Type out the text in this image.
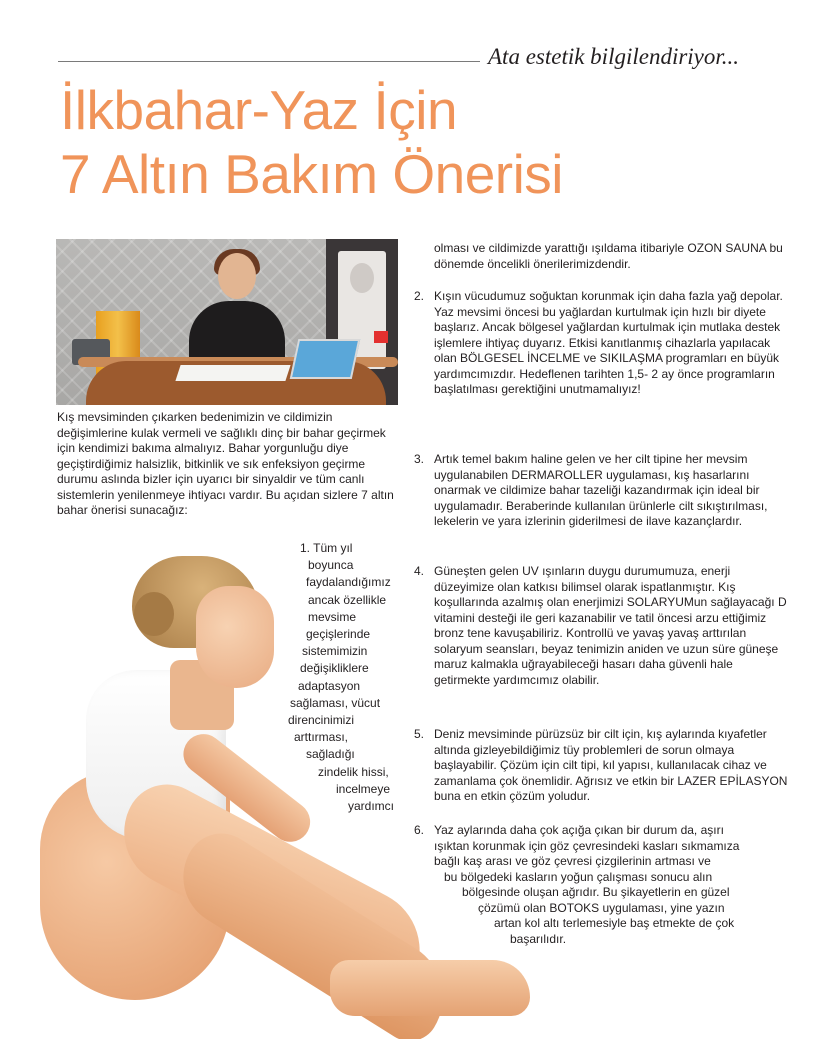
Ata estetik bilgilendiriyor...
İlkbahar-Yaz İçin
7 Altın Bakım Önerisi

Kış mevsiminden çıkarken bedenimizin ve cildimizin değişimlerine kulak vermeli ve sağlıklı dinç bir bahar geçirmek için kendimizi bakıma almalıyız. Bahar yorgunluğu diye geçiştirdiğimiz halsizlik, bitkinlik ve sık enfeksiyon geçirme durumu aslında bizler için uyarıcı bir sinyaldir ve tüm canlı sistemlerin yenilenmeye ihtiyacı vardır. Bu açıdan sizlere 7 altın bahar önerisi sunacağız:

1. Tüm yıl
boyunca
faydalandığımız
ancak özellikle
mevsime
geçişlerinde
sistemimizin
değişikliklere
adaptasyon
sağlaması, vücut
direncinimizi
arttırması,
sağladığı
zindelik hissi,
incelmeye
yardımcı
olması ve cildimizde yarattığı ışıldama itibariyle OZON SAUNA bu dönemde öncelikli önerilerimizdendir.
2. Kışın vücudumuz soğuktan korunmak için daha fazla yağ depolar. Yaz mevsimi öncesi bu yağlardan kurtulmak için hızlı bir diyete başlarız. Ancak bölgesel yağlardan kurtulmak için mutlaka destek işlemlere ihtiyaç duyarız. Etkisi kanıtlanmış cihazlarla yapılacak olan BÖLGESEL İNCELME ve SIKILAŞMA programları en büyük yardımcımızdır. Hedeflenen tarihten 1,5- 2 ay önce programların başlatılması gerektiğini unutmamalıyız!
3. Artık temel bakım haline gelen ve her cilt tipine her mevsim uygulanabilen DERMAROLLER uygulaması, kış hasarlarını onarmak ve cildimize bahar tazeliği kazandırmak için ideal bir uygulamadır. Beraberinde kullanılan ürünlerle cilt sıkıştırılması, lekelerin ve yara izlerinin giderilmesi de ilave kazançlardır.
4. Güneşten gelen UV ışınların duygu durumumuza, enerji düzeyimize olan katkısı bilimsel olarak ispatlanmıştır. Kış koşullarında azalmış olan enerjimizi SOLARYUMun sağlayacağı D vitamini desteği ile geri kazanabilir ve tatil öncesi arzu ettiğimiz bronz tene kavuşabiliriz. Kontrollü ve yavaş yavaş arttırılan solaryum seansları, beyaz tenimizin aniden ve uzun süre güneşe maruz kalmakla uğrayabileceği hasarı daha güvenli hale getirmekte yardımcımız olabilir.
5. Deniz mevsiminde pürüzsüz bir cilt için, kış aylarında kıyafetler altında gizleyebildiğimiz tüy problemleri de sorun olmaya başlayabilir. Çözüm için cilt tipi, kıl yapısı, kullanılacak cihaz ve zamanlama çok önemlidir. Ağrısız ve etkin bir LAZER EPİLASYON buna en etkin çözüm yoludur.
6. Yaz aylarında daha çok açığa çıkan bir durum da, aşırı
ışıktan korunmak için göz çevresindeki kasları sıkmamıza
bağlı kaş arası ve göz çevresi çizgilerinin artması ve
bu bölgedeki kasların yoğun çalışması sonucu alın
bölgesinde oluşan ağrıdır. Bu şikayetlerin en güzel
çözümü olan BOTOKS uygulaması, yine yazın
artan kol altı terlemesiyle baş etmekte de çok
başarılıdır.
